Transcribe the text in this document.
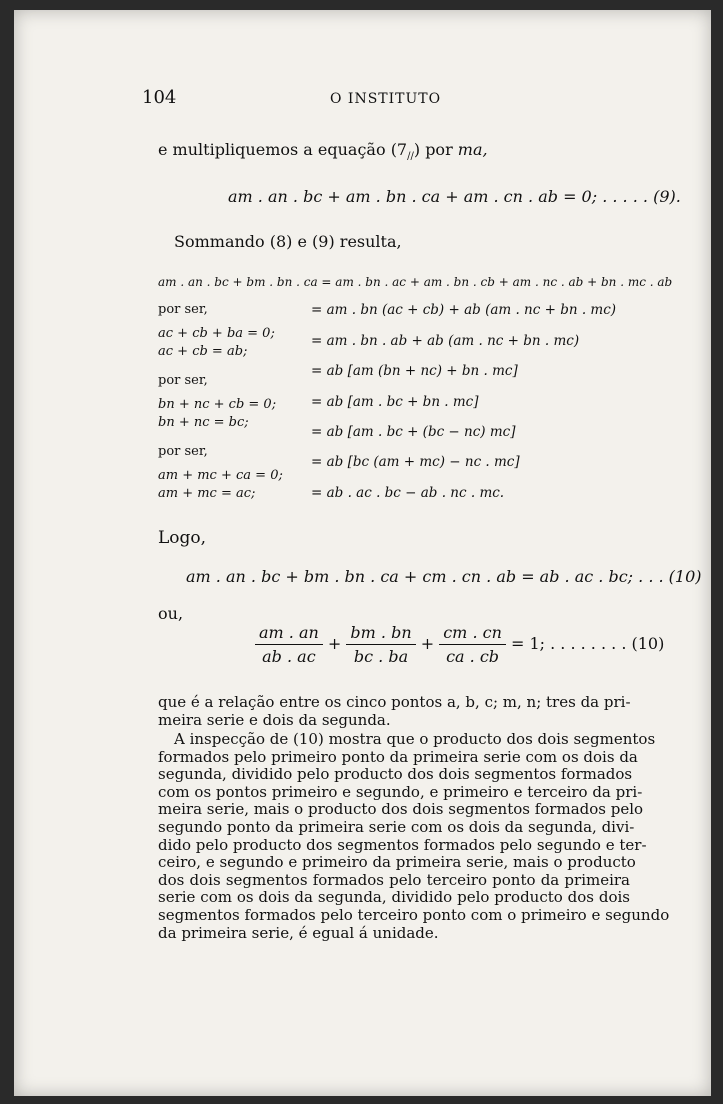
104	O INSTITUTO
e multipliquemos a equação $(7_{//})$ por ma,
am . an . bc + am . bn . ca + am . cn . ab = 0; . . . . . (9).
Sommando (8) e (9) resulta,
am . an . bc + bm . bn . ca = am . bn . ac + am . bn . cb + am . nc . ab + bn . mc . ab
por ser,
ac + cb + ba = 0;
ac + cb = ab;
por ser,
bn + nc + cb = 0;
bn + nc = bc;
por ser,
am + mc + ca = 0;
am + mc = ac;
= am . bn (ac + cb) + ab (am . nc + bn . mc)
= am . bn . ab + ab (am . nc + bn . mc)
= ab [am (bn + nc) + bn . mc]
= ab [am . bc + bn . mc]
= ab [am . bc + (bc − nc) mc]
= ab [bc (am + mc) − nc . mc]
= ab . ac . bc − ab . nc . mc.
Logo,
am . an . bc + bm . bn . ca + cm . cn . ab = ab . ac . bc; . . . (10)
ou,
$\frac{am . an}{ab . ac} + \frac{bm . bn}{bc . ba} + \frac{cm . cn}{ca . cb} = 1$; . . . . . . . . (10)
que é a relação entre os cinco pontos a, b, c; m, n; tres da pri-
meira serie e dois da segunda.
A inspecção de (10) mostra que o producto dos dois segmentos
formados pelo primeiro ponto da primeira serie com os dois da
segunda, dividido pelo producto dos dois segmentos formados
com os pontos primeiro e segundo, e primeiro e terceiro da pri-
meira serie, mais o producto dos dois segmentos formados pelo
segundo ponto da primeira serie com os dois da segunda, divi-
dido pelo producto dos segmentos formados pelo segundo e ter-
ceiro, e segundo e primeiro da primeira serie, mais o producto
dos dois segmentos formados pelo terceiro ponto da primeira
serie com os dois da segunda, dividido pelo producto dos dois
segmentos formados pelo terceiro ponto com o primeiro e segundo
da primeira serie, é egual á unidade.
